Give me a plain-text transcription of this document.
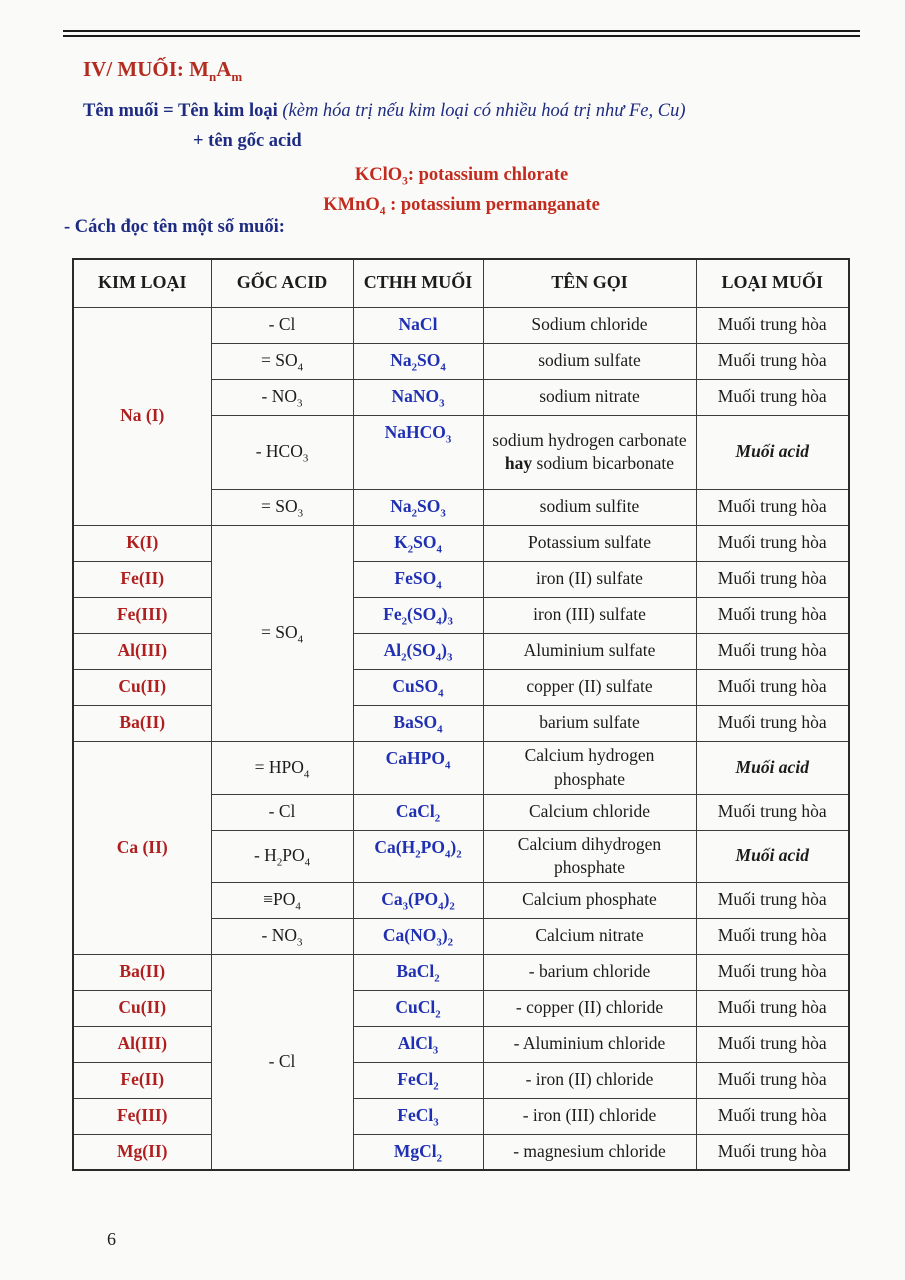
IV/ MUỐI: $M_nA_m$
Tên muối = Tên kim loại (kèm hóa trị nếu kim loại có nhiều hoá trị như Fe, Cu)
+ tên gốc acid
KClO$_3$: potassium chlorate
KMnO$_4$ : potassium permanganate
- Cách đọc tên một số muối:
KIM LOẠI	GỐC ACID	CTHH MUỐI	TÊN GỌI	LOẠI MUỐI
Na (I)	- Cl	NaCl	Sodium chloride	Muối trung hòa
	= $SO_4$	$Na_2SO_4$	sodium sulfate	Muối trung hòa
	- $NO_3$	NaNO$_3$	sodium nitrate	Muối trung hòa
	- $HCO_3$	NaHCO$_3$	sodium hydrogen carbonate hay sodium bicarbonate	Muối acid
	= $SO_3$	$Na_2SO_3$	sodium sulfite	Muối trung hòa
K(I)	= $SO_4$	$K_2SO_4$	Potassium sulfate	Muối trung hòa
Fe(II)		FeSO$_4$	iron (II) sulfate	Muối trung hòa
Fe(III)		$Fe_2(SO_4)_3$	iron (III) sulfate	Muối trung hòa
Al(III)		$Al_2(SO_4)_3$	Aluminium sulfate	Muối trung hòa
Cu(II)		CuSO$_4$	copper (II) sulfate	Muối trung hòa
Ba(II)		BaSO$_4$	barium sulfate	Muối trung hòa
Ca (II)	= $HPO_4$	CaHPO$_4$	Calcium hydrogen phosphate	Muối acid
	- Cl	CaCl$_2$	Calcium chloride	Muối trung hòa
	- $H_2PO_4$	$Ca(H_2PO_4)_2$	Calcium dihydrogen phosphate	Muối acid
	$\equiv PO_4$	$Ca_3(PO_4)_2$	Calcium phosphate	Muối trung hòa
	- $NO_3$	$Ca(NO_3)_2$	Calcium nitrate	Muối trung hòa
Ba(II)	- Cl	BaCl$_2$	- barium chloride	Muối trung hòa
Cu(II)		CuCl$_2$	- copper (II) chloride	Muối trung hòa
Al(III)		AlCl$_3$	- Aluminium chloride	Muối trung hòa
Fe(II)		FeCl$_2$	- iron (II) chloride	Muối trung hòa
Fe(III)		FeCl$_3$	- iron (III) chloride	Muối trung hòa
Mg(II)		MgCl$_2$	- magnesium chloride	Muối trung hòa
6
